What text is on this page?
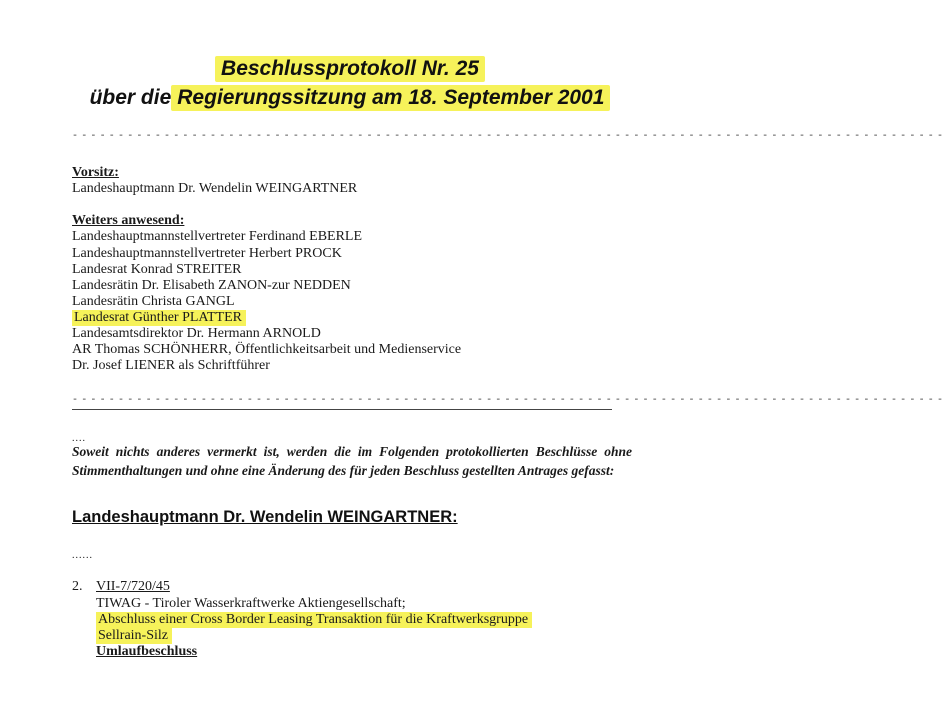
Beschlussprotokoll Nr. 25
über die Regierungssitzung am 18. September 2001
- - - - - - - - - - - - - - - - - - - - - - - - - - - - - - - - - - - - - - - - - - - - - - - - - - - - - - - - - - - - - - - - - - - - - - - - - - - - - - - - - - - - - - - - - - - - - - -
Vorsitz:
Landeshauptmann Dr. Wendelin WEINGARTNER
Weiters anwesend:
Landeshauptmannstellvertreter Ferdinand EBERLE
Landeshauptmannstellvertreter Herbert PROCK
Landesrat Konrad STREITER
Landesrätin Dr. Elisabeth ZANON-zur NEDDEN
Landesrätin Christa GANGL
Landesrat Günther PLATTER
Landesamtsdirektor Dr. Hermann ARNOLD
AR Thomas SCHÖNHERR, Öffentlichkeitsarbeit und Medienservice
Dr. Josef LIENER als Schriftführer
- - - - - - - - - - - - - - - - - - - - - - - - - - - - - - - - - - - - - - - - - - - - - - - - - - - - - - - - - - - - - - - - - - - - - - - - - - - - - - - - - - - - - - - - - - - - - - -
....
Soweit nichts anderes vermerkt ist, werden die im Folgenden protokollierten Beschlüsse ohne Stimmenthaltungen und ohne eine Änderung des für jeden Beschluss gestellten Antrages gefasst:
Landeshauptmann Dr. Wendelin WEINGARTNER:
......
2. VII-7/720/45
TIWAG - Tiroler Wasserkraftwerke Aktiengesellschaft;
Abschluss einer Cross Border Leasing Transaktion für die Kraftwerksgruppe
Sellrain-Silz
Umlaufbeschluss
